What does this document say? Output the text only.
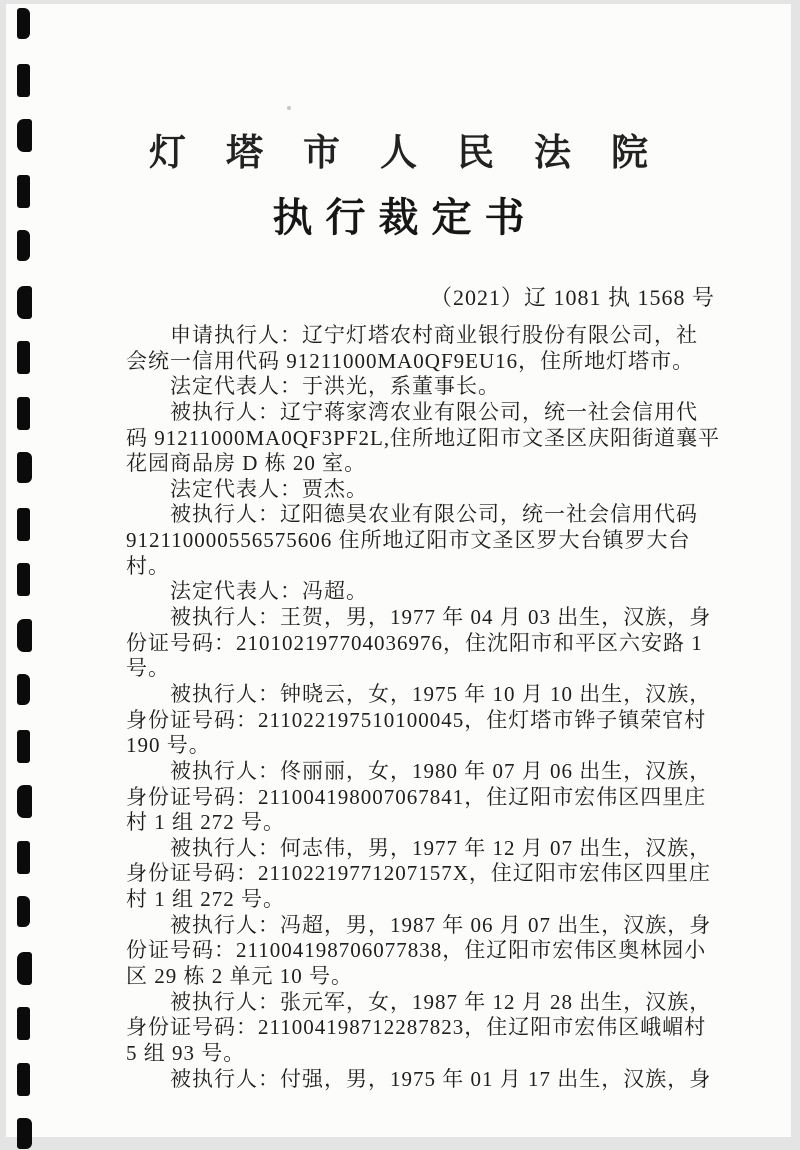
灯塔市人民法院
执行裁定书
（2021）辽 1081 执 1568 号
　　申请执行人：辽宁灯塔农村商业银行股份有限公司，社
会统一信用代码 91211000MA0QF9EU16，住所地灯塔市。
　　法定代表人：于洪光，系董事长。
　　被执行人：辽宁蒋家湾农业有限公司，统一社会信用代
码 91211000MA0QF3PF2L,住所地辽阳市文圣区庆阳街道襄平
花园商品房 D 栋 20 室。
　　法定代表人：贾杰。
　　被执行人：辽阳德昊农业有限公司，统一社会信用代码
912110000556575606 住所地辽阳市文圣区罗大台镇罗大台
村。
　　法定代表人：冯超。
　　被执行人：王贺，男，1977 年 04 月 03 出生，汉族，身
份证号码：210102197704036976，住沈阳市和平区六安路 1
号。
　　被执行人：钟晓云，女，1975 年 10 月 10 出生，汉族，
身份证号码：211022197510100045，住灯塔市铧子镇荣官村
190 号。
　　被执行人：佟丽丽，女，1980 年 07 月 06 出生，汉族，
身份证号码：211004198007067841，住辽阳市宏伟区四里庄
村 1 组 272 号。
　　被执行人：何志伟，男，1977 年 12 月 07 出生，汉族，
身份证号码：21102219771207157X，住辽阳市宏伟区四里庄
村 1 组 272 号。
　　被执行人：冯超，男，1987 年 06 月 07 出生，汉族，身
份证号码：211004198706077838，住辽阳市宏伟区奥林园小
区 29 栋 2 单元 10 号。
　　被执行人：张元军，女，1987 年 12 月 28 出生，汉族，
身份证号码：211004198712287823，住辽阳市宏伟区峨嵋村
5 组 93 号。
　　被执行人：付强，男，1975 年 01 月 17 出生，汉族，身
